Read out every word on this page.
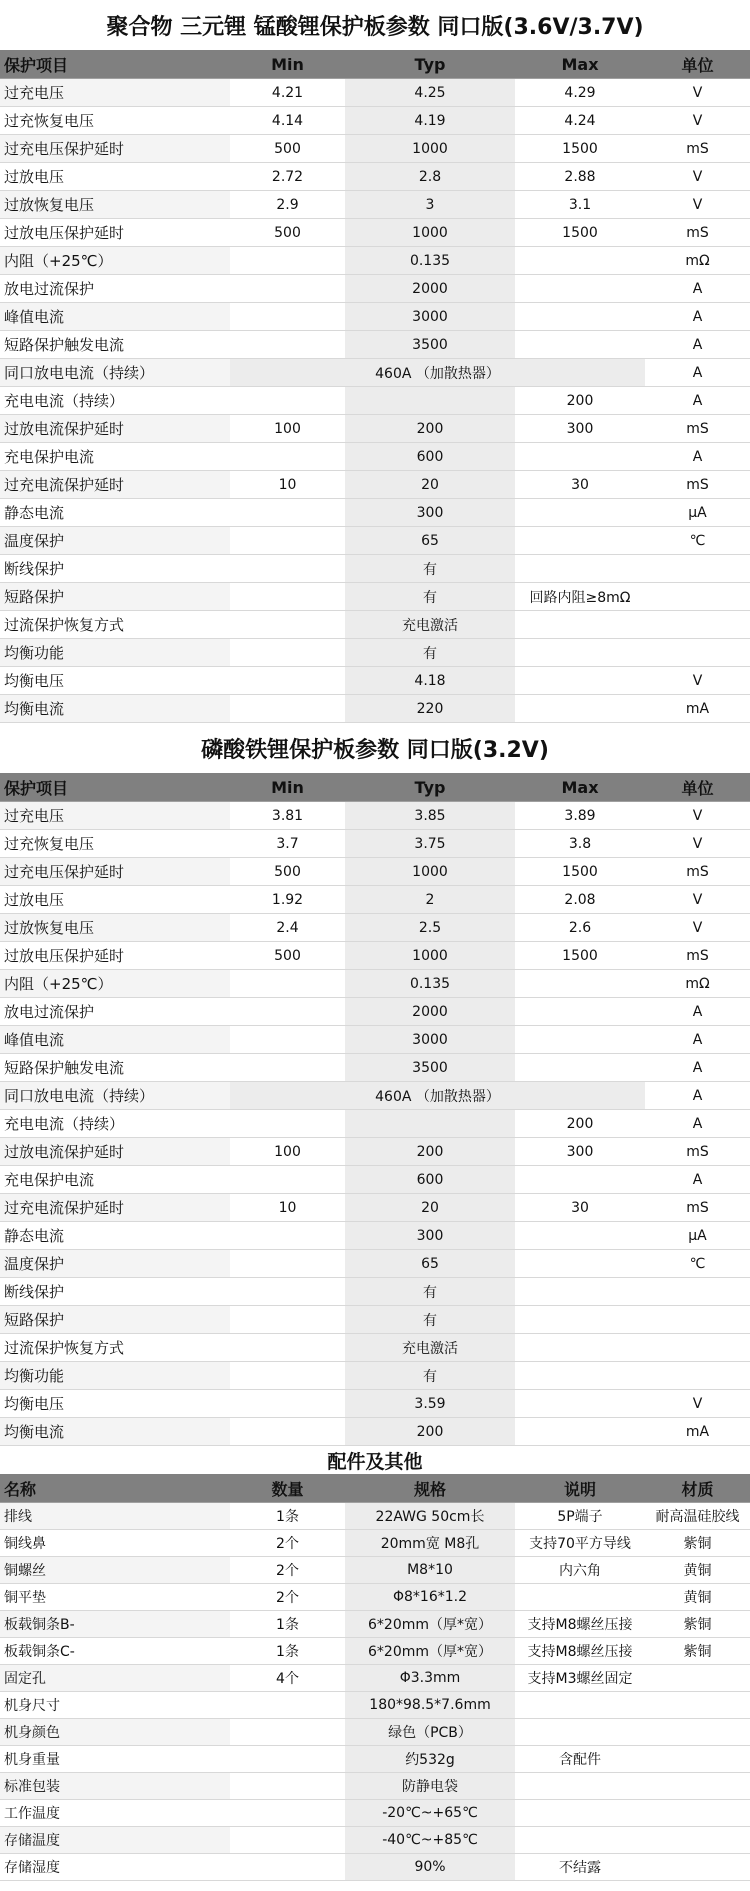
聚合物 三元锂 锰酸锂保护板参数 同口版(3.6V/3.7V)
保护项目	Min	Typ	Max	单位
过充电压	4.21	4.25	4.29	V
过充恢复电压	4.14	4.19	4.24	V
过充电压保护延时	500	1000	1500	mS
过放电压	2.72	2.8	2.88	V
过放恢复电压	2.9	3	3.1	V
过放电压保护延时	500	1000	1500	mS
内阻（+25℃）		0.135		mΩ
放电过流保护		2000		A
峰值电流		3000		A
短路保护触发电流		3500		A
同口放电电流（持续）	460A （加散热器）			A
充电电流（持续）			200	A
过放电流保护延时	100	200	300	mS
充电保护电流		600		A
过充电流保护延时	10	20	30	mS
静态电流		300		μA
温度保护		65		℃
断线保护		有		
短路保护		有	回路内阻≥8mΩ	
过流保护恢复方式		充电激活		
均衡功能		有		
均衡电压		4.18		V
均衡电流		220		mA
磷酸铁锂保护板参数 同口版(3.2V)
保护项目	Min	Typ	Max	单位
过充电压	3.81	3.85	3.89	V
过充恢复电压	3.7	3.75	3.8	V
过充电压保护延时	500	1000	1500	mS
过放电压	1.92	2	2.08	V
过放恢复电压	2.4	2.5	2.6	V
过放电压保护延时	500	1000	1500	mS
内阻（+25℃）		0.135		mΩ
放电过流保护		2000		A
峰值电流		3000		A
短路保护触发电流		3500		A
同口放电电流（持续）	460A （加散热器）			A
充电电流（持续）			200	A
过放电流保护延时	100	200	300	mS
充电保护电流		600		A
过充电流保护延时	10	20	30	mS
静态电流		300		μA
温度保护		65		℃
断线保护		有		
短路保护		有		
过流保护恢复方式		充电激活		
均衡功能		有		
均衡电压		3.59		V
均衡电流		200		mA
配件及其他
名称	数量	规格	说明	材质
排线	1条	22AWG 50cm长	5P端子	耐高温硅胶线
铜线鼻	2个	20mm宽 M8孔	支持70平方导线	紫铜
铜螺丝	2个	M8*10	内六角	黄铜
铜平垫	2个	Φ8*16*1.2		黄铜
板载铜条B-	1条	6*20mm（厚*宽）	支持M8螺丝压接	紫铜
板载铜条C-	1条	6*20mm（厚*宽）	支持M8螺丝压接	紫铜
固定孔	4个	Φ3.3mm	支持M3螺丝固定	
机身尺寸		180*98.5*7.6mm		
机身颜色		绿色（PCB）		
机身重量		约532g	含配件	
标准包装		防静电袋		
工作温度		-20℃~+65℃		
存储温度		-40℃~+85℃		
存储湿度		90%	不结露	
